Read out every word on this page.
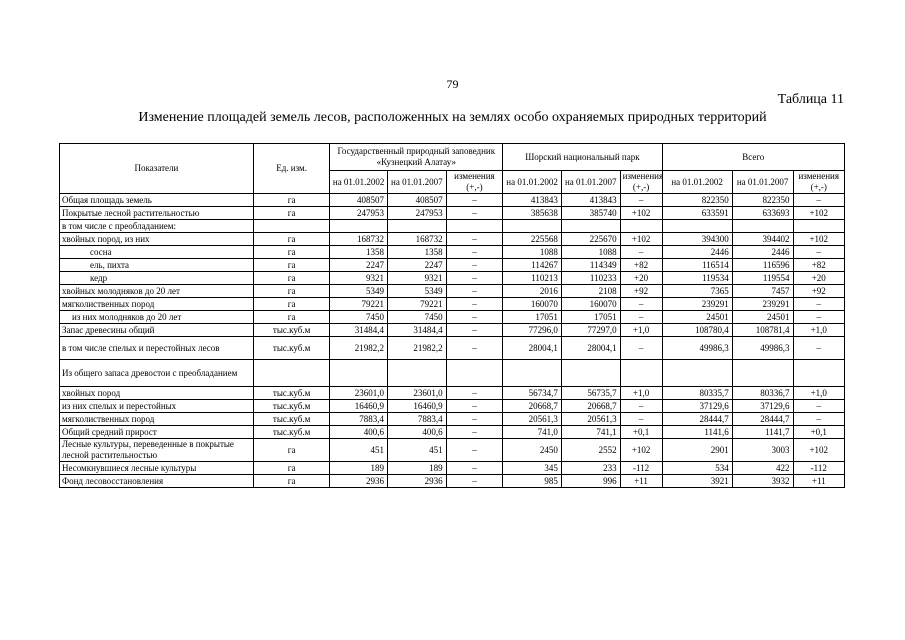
79
Таблица 11
Изменение площадей земель лесов, расположенных на землях особо охраняемых природных территорий
Показатели	Ед. изм.	Государственный природный заповедник «Кузнецкий Алатау»			Шорский национальный парк			Всего		
		на 01.01.2002	на 01.01.2007	изменения (+,-)	на 01.01.2002	на 01.01.2007	изменения (+,-)	на 01.01.2002	на 01.01.2007	изменения (+,-)
Общая площадь земель	га	408507	408507	–	413843	413843	–	822350	822350	–
Покрытые лесной растительностью	га	247953	247953	–	385638	385740	+102	633591	633693	+102
в том числе с преобладанием:										
хвойных пород, из них	га	168732	168732	–	225568	225670	+102	394300	394402	+102
сосна	га	1358	1358	–	1088	1088	–	2446	2446	–
ель, пихта	га	2247	2247	–	114267	114349	+82	116514	116596	+82
кедр	га	9321	9321	–	110213	110233	+20	119534	119554	+20
хвойных молодняков до 20 лет	га	5349	5349	–	2016	2108	+92	7365	7457	+92
мягколиственных пород	га	79221	79221	–	160070	160070	–	239291	239291	–
из них молодняков до 20 лет	га	7450	7450	–	17051	17051	–	24501	24501	–
Запас древесины общий	тыс.куб.м	31484,4	31484,4	–	77296,0	77297,0	+1,0	108780,4	108781,4	+1,0
в том числе спелых и перестойных лесов	тыс.куб.м	21982,2	21982,2	–	28004,1	28004,1	–	49986,3	49986,3	–
Из общего запаса древостои с преобладанием										
хвойных пород	тыс.куб.м	23601,0	23601,0	–	56734,7	56735,7	+1,0	80335,7	80336,7	+1,0
из них спелых и перестойных	тыс.куб.м	16460,9	16460,9	–	20668,7	20668,7	–	37129,6	37129,6	–
мягколиственных пород	тыс.куб.м	7883,4	7883,4	–	20561,3	20561,3	–	28444,7	28444,7	–
Общий средний прирост	тыс.куб.м	400,6	400,6	–	741,0	741,1	+0,1	1141,6	1141,7	+0,1
Лесные культуры, переведенные в покрытые лесной растительностью	га	451	451	–	2450	2552	+102	2901	3003	+102
Несомкнувшиеся лесные культуры	га	189	189	–	345	233	-112	534	422	-112
Фонд лесовосстановления	га	2936	2936	–	985	996	+11	3921	3932	+11
